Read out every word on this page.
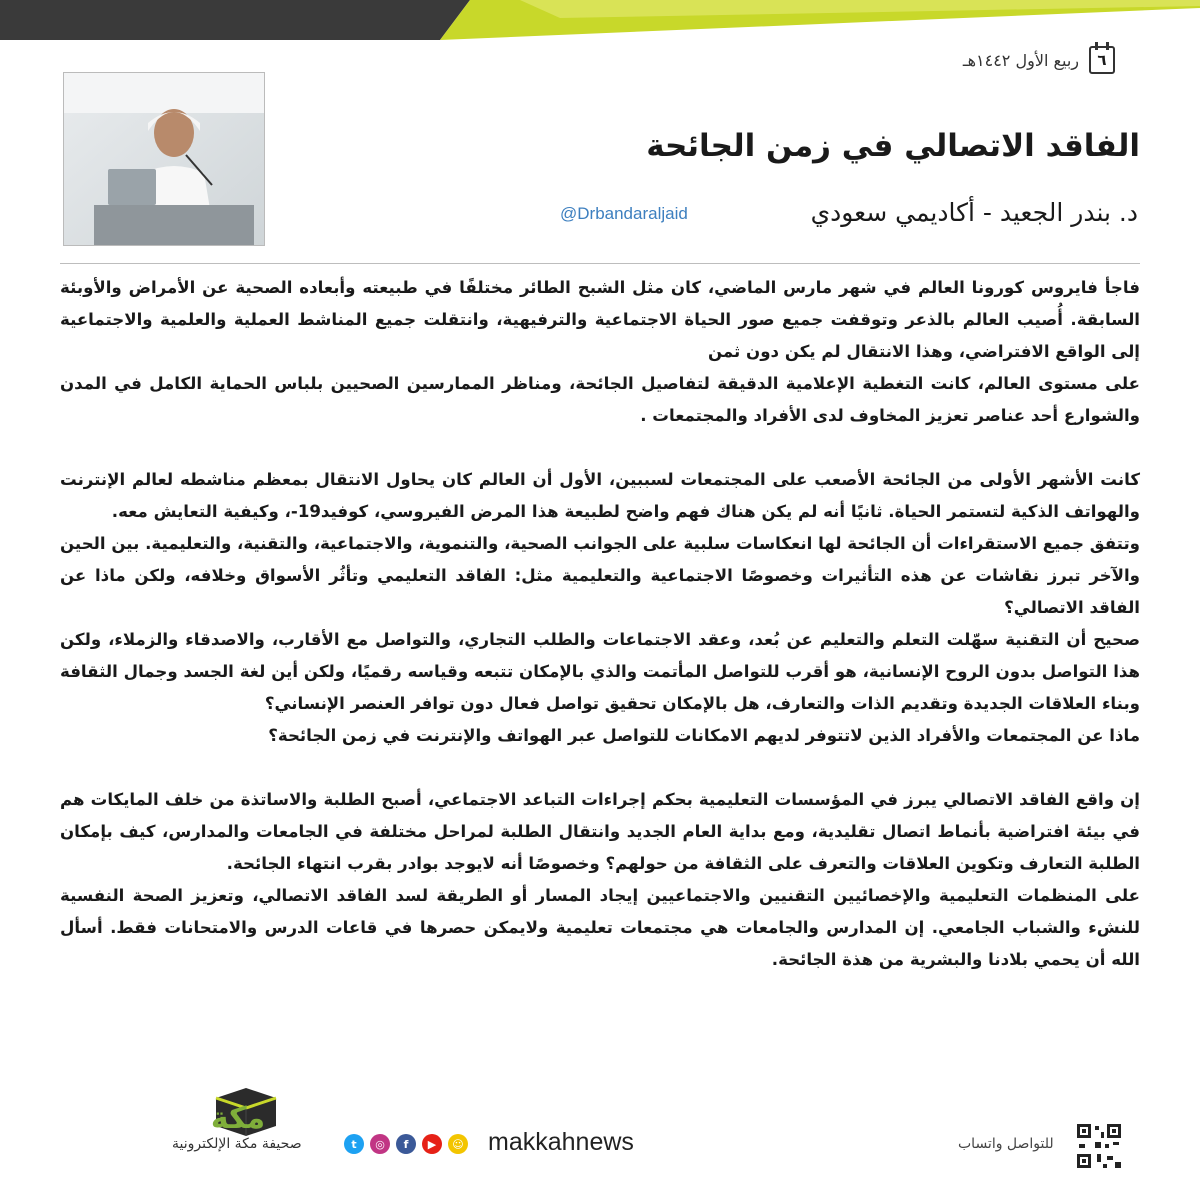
٦
ربيع الأول ١٤٤٢هـ
الفاقد الاتصالي في زمن الجائحة
د. بندر الجعيد - أكاديمي سعودي
@Drbandaraljaid

فاجأ فايروس كورونا العالم في شهر مارس الماضي، كان مثل الشبح الطائر مختلفًا في طبيعته وأبعاده الصحية عن الأمراض والأوبئة السابقة. أُصيب العالم بالذعر وتوقفت جميع صور الحياة الاجتماعية والترفيهية، وانتقلت جميع المناشط العملية والعلمية والاجتماعية إلى الواقع الافتراضي، وهذا الانتقال لم يكن دون ثمن

على مستوى العالم، كانت التغطية الإعلامية الدقيقة لتفاصيل الجائحة، ومناظر الممارسين الصحيين بلباس الحماية الكامل في المدن والشوارع أحد عناصر تعزيز المخاوف لدى الأفراد والمجتمعات .

كانت الأشهر الأولى من الجائحة الأصعب على المجتمعات لسببين، الأول أن العالم كان يحاول الانتقال بمعظم مناشطه لعالم الإنترنت والهواتف الذكية لتستمر الحياة. ثانيًا أنه لم يكن هناك فهم واضح لطبيعة هذا المرض الفيروسي، كوفيد19-، وكيفية التعايش معه.

وتتفق جميع الاستقراءات أن الجائحة لها انعكاسات سلبية على الجوانب الصحية، والتنموية، والاجتماعية، والتقنية، والتعليمية. بين الحين والآخر تبرز نقاشات عن هذه التأثيرات وخصوصًا الاجتماعية والتعليمية مثل: الفاقد التعليمي وتأثُر الأسواق وخلافه، ولكن ماذا عن الفاقد الاتصالي؟

صحيح أن التقنية سهّلت التعلم والتعليم عن بُعد، وعقد الاجتماعات والطلب التجاري، والتواصل مع الأقارب، والاصدقاء والزملاء، ولكن هذا التواصل بدون الروح الإنسانية، هو أقرب للتواصل المأتمت والذي بالإمكان تتبعه وقياسه رقميًا، ولكن أين لغة الجسد وجمال الثقافة وبناء العلاقات الجديدة وتقديم الذات والتعارف، هل بالإمكان تحقيق تواصل فعال دون توافر العنصر الإنساني؟

ماذا عن المجتمعات والأفراد الذين لاتتوفر لديهم الامكانات للتواصل عبر الهواتف والإنترنت في زمن الجائحة؟

إن واقع الفاقد الاتصالي يبرز في المؤسسات التعليمية بحكم إجراءات التباعد الاجتماعي، أصبح الطلبة والاساتذة من خلف المايكات هم في بيئة افتراضية بأنماط اتصال تقليدية، ومع بداية العام الجديد وانتقال الطلبة لمراحل مختلفة في الجامعات والمدارس، كيف بإمكان الطلبة التعارف وتكوين العلاقات والتعرف على الثقافة من حولهم؟ وخصوصًا أنه لايوجد بوادر بقرب انتهاء الجائحة.

على المنظمات التعليمية والإخصائيين التقنيين والاجتماعيين إيجاد المسار أو الطريقة لسد الفاقد الاتصالي، وتعزيز الصحة النفسية للنشء والشباب الجامعي. إن المدارس والجامعات هي مجتمعات تعليمية ولايمكن حصرها في قاعات الدرس والامتحانات فقط. أسأل الله أن يحمي بلادنا والبشرية من هذة الجائحة.

مكة
صحيفة مكة الإلكترونية	t	◎	f	▶	☺ makkahnews	للتواصل واتساب
